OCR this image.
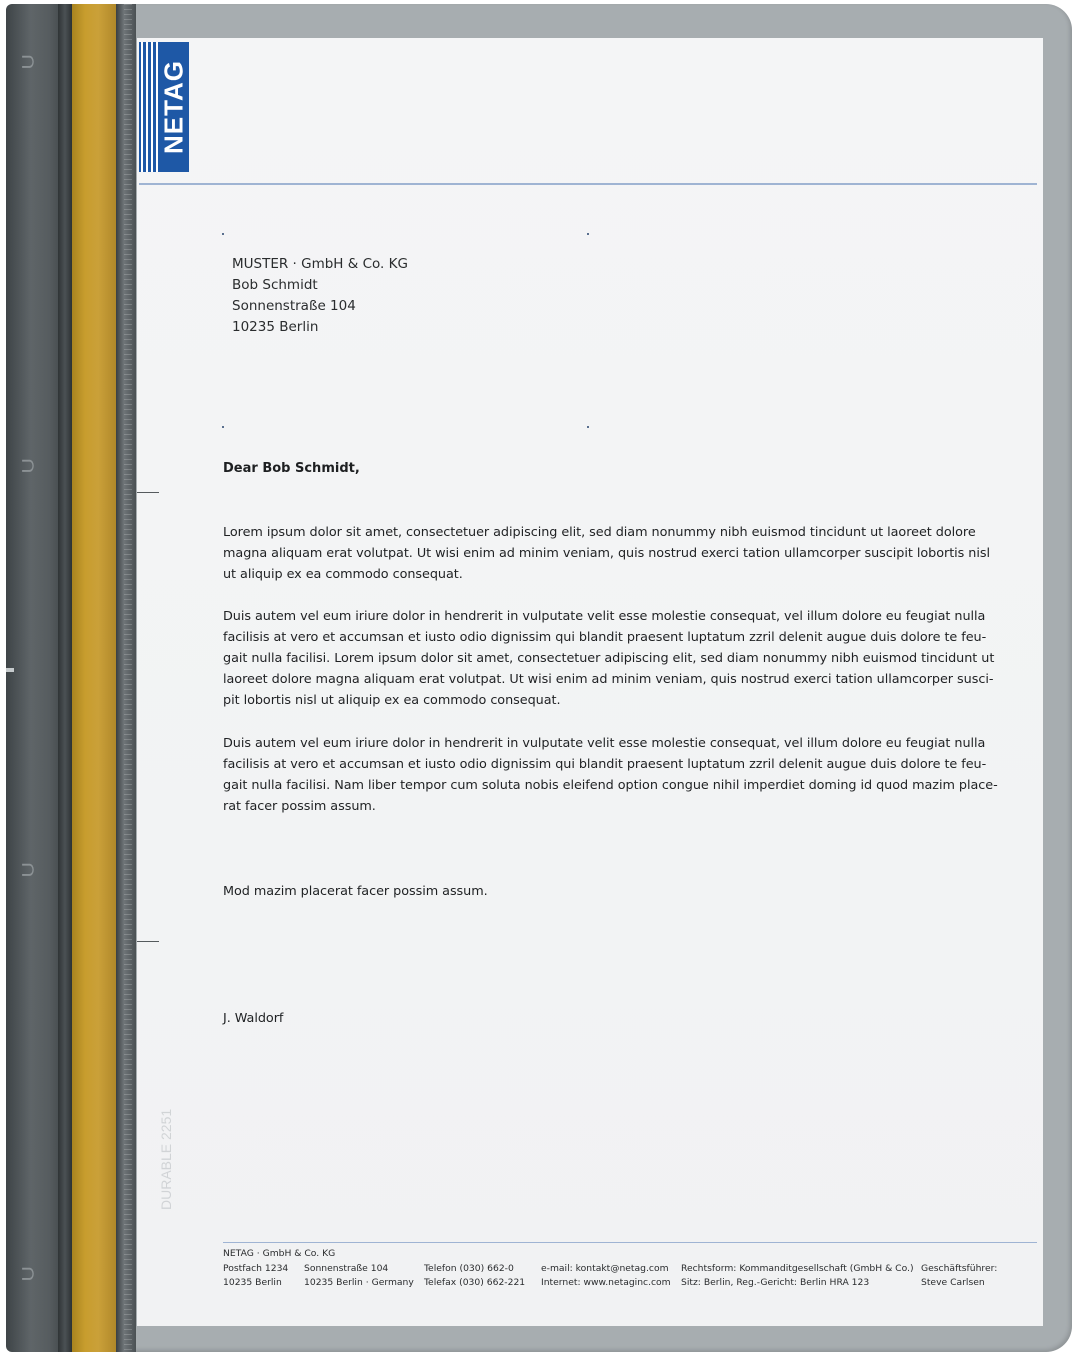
⊃
⊃
⊃
⊃
NETAG
MUSTER · GmbH & Co. KG
Bob Schmidt
Sonnenstraße 104
10235 Berlin
Dear Bob Schmidt,
Lorem ipsum dolor sit amet, consectetuer adipiscing elit, sed diam nonummy nibh euismod tincidunt ut laoreet dolore
magna aliquam erat volutpat. Ut wisi enim ad minim veniam, quis nostrud exerci tation ullamcorper suscipit lobortis nisl
ut aliquip ex ea commodo consequat.
Duis autem vel eum iriure dolor in hendrerit in vulputate velit esse molestie consequat, vel illum dolore eu feugiat nulla
facilisis at vero et accumsan et iusto odio dignissim qui blandit praesent luptatum zzril delenit augue duis dolore te feu-
gait nulla facilisi. Lorem ipsum dolor sit amet, consectetuer adipiscing elit, sed diam nonummy nibh euismod tincidunt ut
laoreet dolore magna aliquam erat volutpat. Ut wisi enim ad minim veniam, quis nostrud exerci tation ullamcorper susci-
pit lobortis nisl ut aliquip ex ea commodo consequat.
Duis autem vel eum iriure dolor in hendrerit in vulputate velit esse molestie consequat, vel illum dolore eu feugiat nulla
facilisis at vero et accumsan et iusto odio dignissim qui blandit praesent luptatum zzril delenit augue duis dolore te feu-
gait nulla facilisi. Nam liber tempor cum soluta nobis eleifend option congue nihil imperdiet doming id quod mazim place-
rat facer possim assum.
Mod mazim placerat facer possim assum.
J. Waldorf
DURABLE 2251
NETAG · GmbH & Co. KG
Postfach 1234
10235 Berlin
Sonnenstraße 104
10235 Berlin · Germany
Telefon (030) 662-0
Telefax (030) 662-221
e-mail: kontakt@netag.com
Internet: www.netaginc.com
Rechtsform: Kommanditgesellschaft (GmbH & Co.)
Sitz: Berlin, Reg.-Gericht: Berlin HRA 123
Geschäftsführer:
Steve Carlsen
